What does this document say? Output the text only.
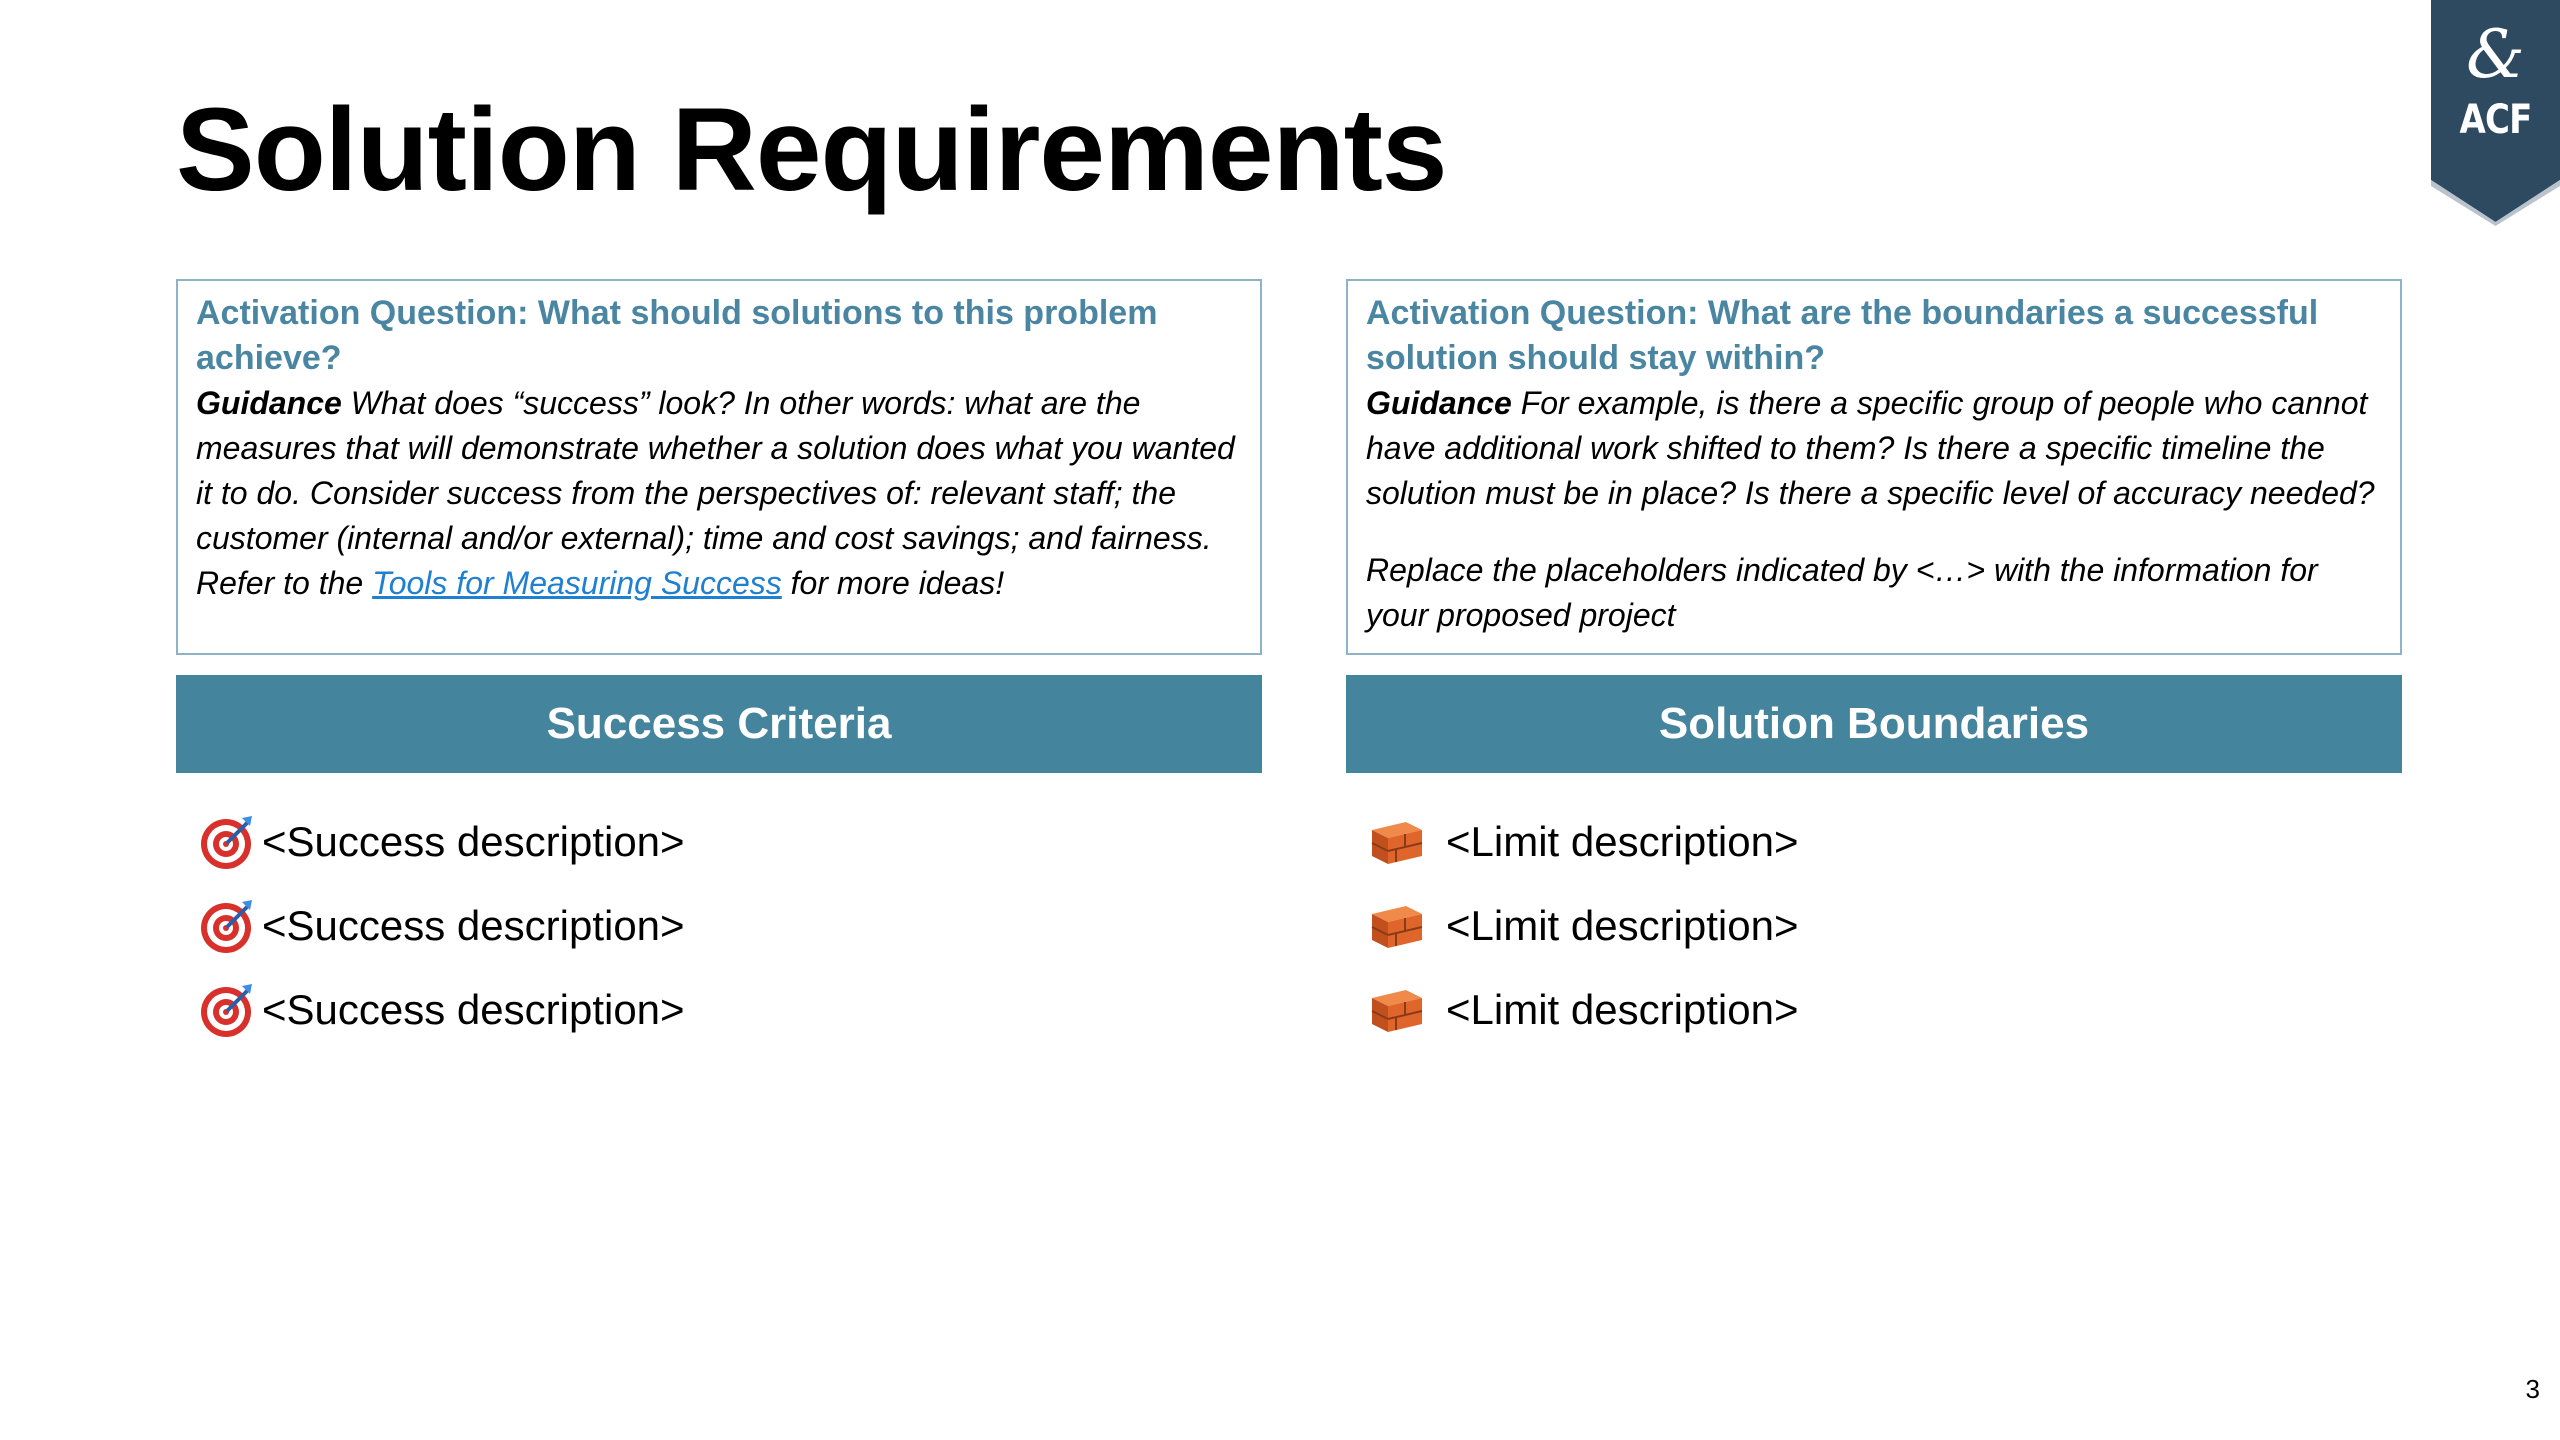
Solution Requirements
&
ACF
Activation Question: What should solutions to this problem achieve?
Guidance What does “success” look? In other words: what are the measures that will demonstrate whether a solution does what you wanted it to do. Consider success from the perspectives of: relevant staff; the customer (internal and/or external); time and cost savings; and fairness. Refer to the Tools for Measuring Success for more ideas!
Activation Question: What are the boundaries a successful solution should stay within?
Guidance For example, is there a specific group of people who cannot have additional work shifted to them? Is there a specific timeline the solution must be in place? Is there a specific level of accuracy needed?
Replace the placeholders indicated by <…> with the information for your proposed project
Success Criteria	Solution Boundaries
<Success description>
<Success description>
<Success description>
<Limit description>
<Limit description>
<Limit description>
3
